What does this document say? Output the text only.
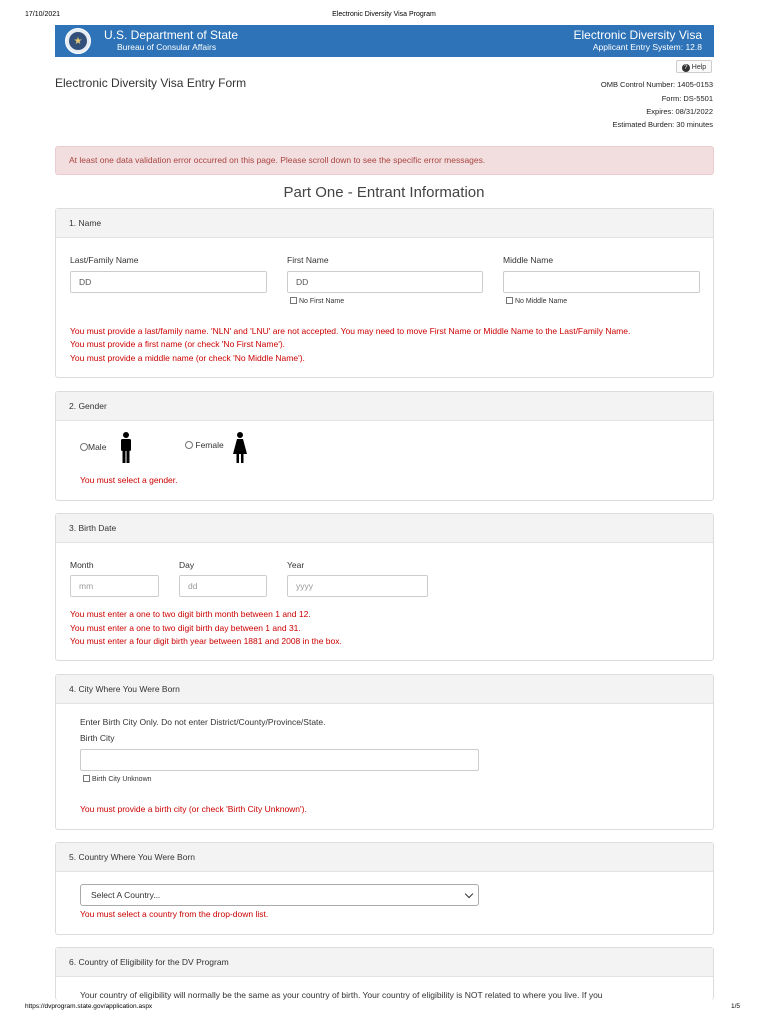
17/10/2021	Electronic Diversity Visa Program
https://dvprogram.state.gov/application.aspx	1/5
★	U.S. Department of State
Bureau of Consular Affairs
Electronic Diversity Visa
Applicant Entry System: 12.8
Electronic Diversity Visa Entry Form
? Help
OMB Control Number: 1405-0153
Form: DS-5501
Expires: 08/31/2022
Estimated Burden: 30 minutes
At least one data validation error occurred on this page. Please scroll down to see the specific error messages.
Part One - Entrant Information
1. Name
Last/Family Name
DD
First Name
DD
No First Name
Middle Name
No Middle Name
You must provide a last/family name. 'NLN' and 'LNU' are not accepted. You may need to move First Name or Middle Name to the Last/Family Name.
You must provide a first name (or check 'No First Name').
You must provide a middle name (or check 'No Middle Name').
2. Gender
Male	Female
You must select a gender.
3. Birth Date
Month
mm
Day
dd
Year
yyyy
You must enter a one to two digit birth month between 1 and 12.
You must enter a one to two digit birth day between 1 and 31.
You must enter a four digit birth year between 1881 and 2008 in the box.
4. City Where You Were Born
Enter Birth City Only. Do not enter District/County/Province/State.
Birth City
Birth City Unknown
You must provide a birth city (or check 'Birth City Unknown').
5. Country Where You Were Born
Select A Country...
You must select a country from the drop-down list.
6. Country of Eligibility for the DV Program
Your country of eligibility will normally be the same as your country of birth. Your country of eligibility is NOT related to where you live. If you
